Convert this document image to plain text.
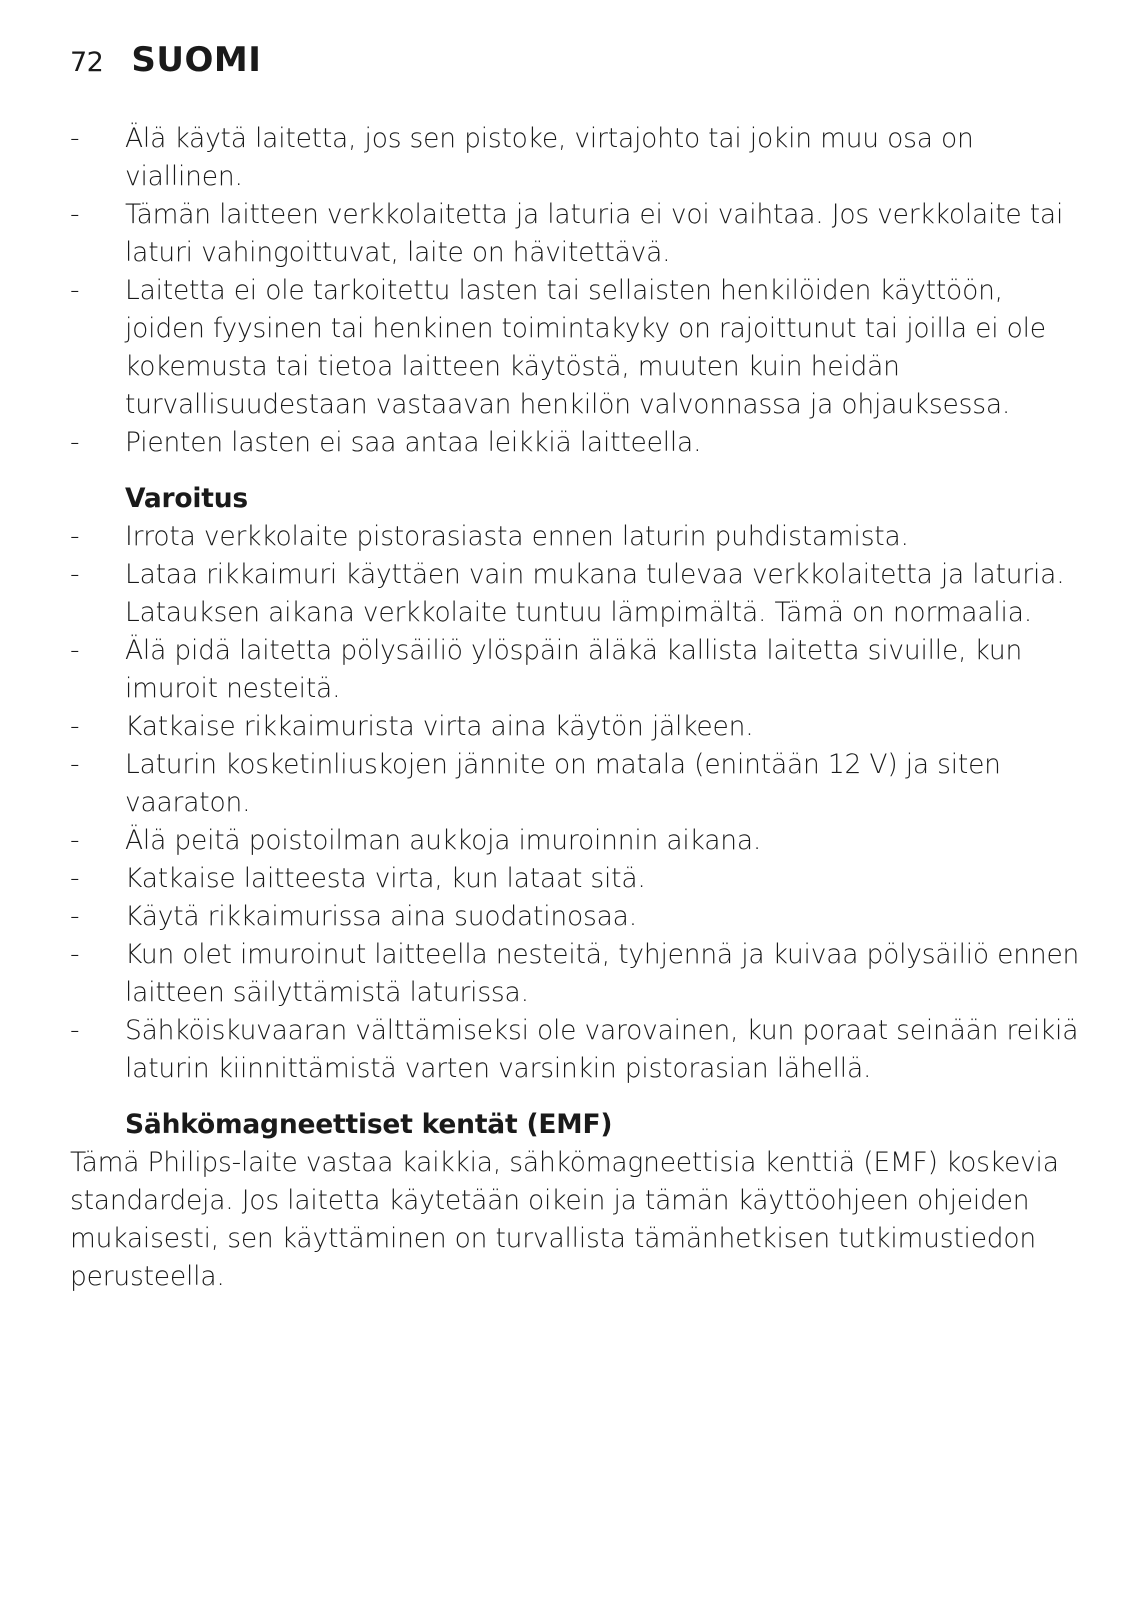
72 SUOMI
- Älä käytä laitetta, jos sen pistoke, virtajohto tai jokin muu osa on viallinen.
- Tämän laitteen verkkolaitetta ja laturia ei voi vaihtaa. Jos verkkolaite tai laturi vahingoittuvat, laite on hävitettävä.
- Laitetta ei ole tarkoitettu lasten tai sellaisten henkilöiden käyttöön, joiden fyysinen tai henkinen toimintakyky on rajoittunut tai joilla ei ole kokemusta tai tietoa laitteen käytöstä, muuten kuin heidän turvallisuudestaan vastaavan henkilön valvonnassa ja ohjauksessa.
- Pienten lasten ei saa antaa leikkiä laitteella.
Varoitus
- Irrota verkkolaite pistorasiasta ennen laturin puhdistamista.
- Lataa rikkaimuri käyttäen vain mukana tulevaa verkkolaitetta ja laturia. Latauksen aikana verkkolaite tuntuu lämpimältä. Tämä on normaalia.
- Älä pidä laitetta pölysäiliö ylöspäin äläkä kallista laitetta sivuille, kun imuroit nesteitä.
- Katkaise rikkaimurista virta aina käytön jälkeen.
- Laturin kosketinliuskojen jännite on matala (enintään 12 V) ja siten vaaraton.
- Älä peitä poistoilman aukkoja imuroinnin aikana.
- Katkaise laitteesta virta, kun lataat sitä.
- Käytä rikkaimurissa aina suodatinosaa.
- Kun olet imuroinut laitteella nesteitä, tyhjennä ja kuivaa pölysäiliö ennen laitteen säilyttämistä laturissa.
- Sähköiskuvaaran välttämiseksi ole varovainen, kun poraat seinään reikiä laturin kiinnittämistä varten varsinkin pistorasian lähellä.
Sähkömagneettiset kentät (EMF)
Tämä Philips-laite vastaa kaikkia, sähkömagneettisia kenttiä (EMF) koskevia standardeja. Jos laitetta käytetään oikein ja tämän käyttöohjeen ohjeiden mukaisesti, sen käyttäminen on turvallista tämänhetkisen tutkimustiedon perusteella.
